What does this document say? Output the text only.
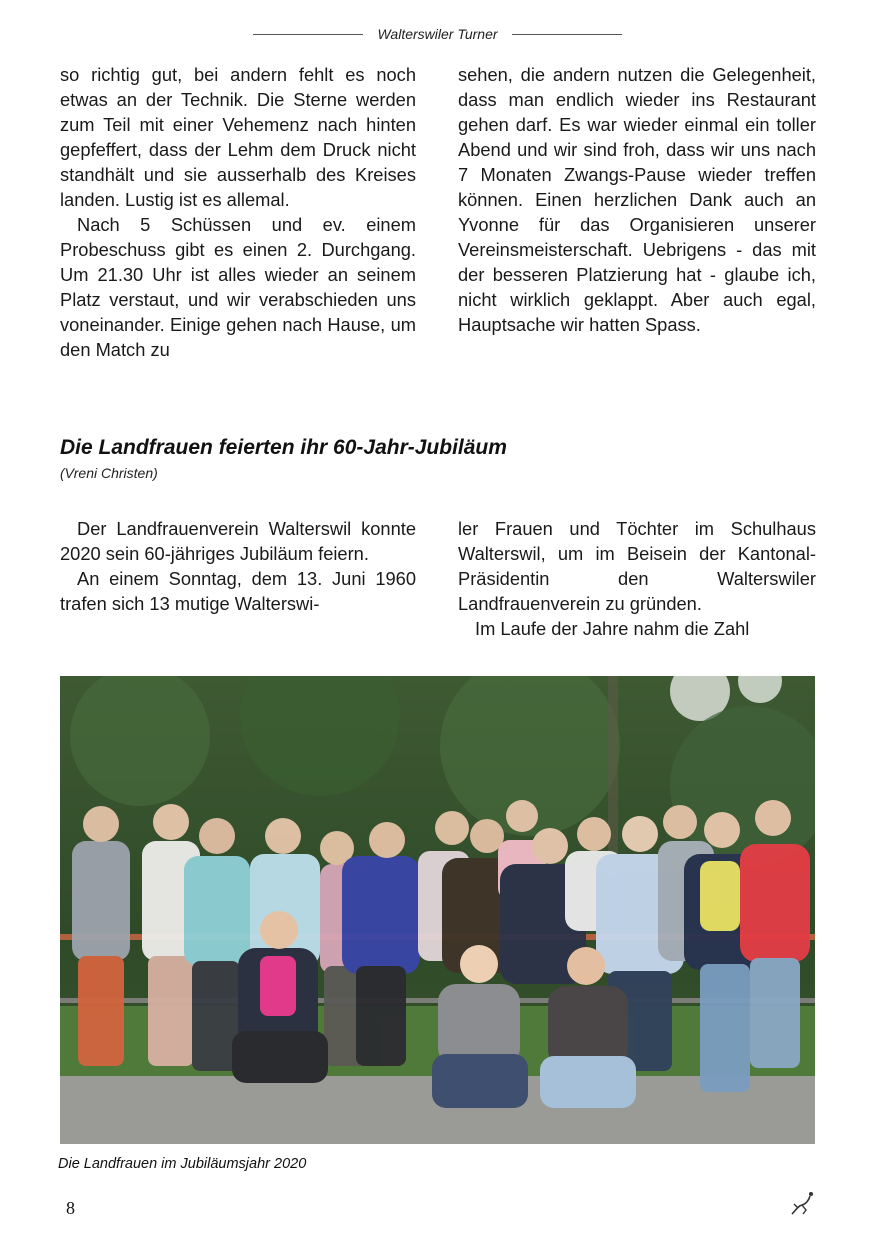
Walterswiler Turner

so richtig gut, bei andern fehlt es noch etwas an der Technik. Die Sterne werden zum Teil mit einer Vehemenz nach hinten gepfeffert, dass der Lehm dem Druck nicht standhält und sie ausserhalb des Kreises landen. Lustig ist es allemal.

Nach 5 Schüssen und ev. einem Probeschuss gibt es einen 2. Durchgang. Um 21.30 Uhr ist alles wieder an seinem Platz verstaut, und wir verabschieden uns voneinander. Einige gehen nach Hause, um den Match zu

sehen, die andern nutzen die Gelegenheit, dass man endlich wieder ins Restaurant gehen darf. Es war wieder einmal ein toller Abend und wir sind froh, dass wir uns nach 7 Monaten Zwangs-Pause wieder treffen können. Einen herzlichen Dank auch an Yvonne für das Organisieren unserer Vereinsmeisterschaft. Uebrigens - das mit der besseren Platzierung hat - glaube ich, nicht wirklich geklappt. Aber auch egal, Hauptsache wir hatten Spass.

Die Landfrauen feierten ihr 60-Jahr-Jubiläum
(Vreni Christen)

Der Landfrauenverein Walterswil konnte 2020 sein 60-jähriges Jubiläum feiern.

An einem Sonntag, dem 13. Juni 1960 trafen sich 13 mutige Walterswi-

ler Frauen und Töchter im Schulhaus Walterswil, um im Beisein der Kantonal- Präsidentin den Walterswiler Landfrauenverein zu gründen.

Im Laufe der Jahre nahm die Zahl

Die Landfrauen im Jubiläumsjahr 2020
8
